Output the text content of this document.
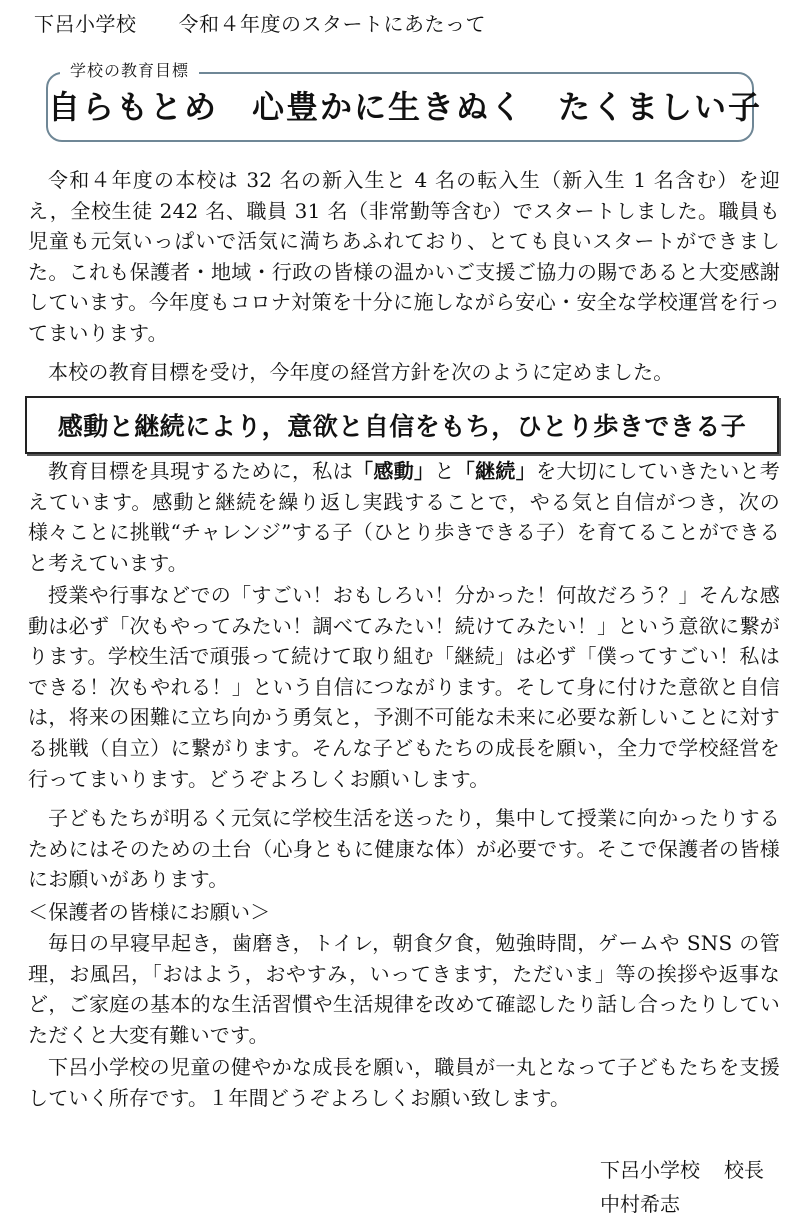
下呂小学校 令和４年度のスタートにあたって
自らもとめ　心豊かに生きぬく　たくましい子
学校の教育目標

令和４年度の本校は 32 名の新入生と 4 名の転入生（新入生 1 名含む）を迎え，全校生徒 242 名、職員 31 名（非常勤等含む）でスタートしました。職員も児童も元気いっぱいで活気に満ちあふれており、とても良いスタートができました。これも保護者・地域・行政の皆様の温かいご支援ご協力の賜であると大変感謝しています。今年度もコロナ対策を十分に施しながら安心・安全な学校運営を行ってまいります。

本校の教育目標を受け，今年度の経営方針を次のように定めました。

感動と継続により，意欲と自信をもち，ひとり歩きできる子

教育目標を具現するために，私は「感動」と「継続」を大切にしていきたいと考えています。感動と継続を繰り返し実践することで，やる気と自信がつき，次の様々ことに挑戦“チャレンジ”する子（ひとり歩きできる子）を育てることができると考えています。

授業や行事などでの「すごい！おもしろい！分かった！何故だろう？」そんな感動は必ず「次もやってみたい！調べてみたい！続けてみたい！」という意欲に繋がります。学校生活で頑張って続けて取り組む「継続」は必ず「僕ってすごい！私はできる！次もやれる！」という自信につながります。そして身に付けた意欲と自信は，将来の困難に立ち向かう勇気と，予測不可能な未来に必要な新しいことに対する挑戦（自立）に繋がります。そんな子どもたちの成長を願い，全力で学校経営を行ってまいります。どうぞよろしくお願いします。

子どもたちが明るく元気に学校生活を送ったり，集中して授業に向かったりするためにはそのための土台（心身ともに健康な体）が必要です。そこで保護者の皆様にお願いがあります。

＜保護者の皆様にお願い＞

毎日の早寝早起き，歯磨き，トイレ，朝食夕食，勉強時間，ゲームや SNS の管理，お風呂，「おはよう，おやすみ，いってきます，ただいま」等の挨拶や返事など，ご家庭の基本的な生活習慣や生活規律を改めて確認したり話し合ったりしていただくと大変有難いです。

下呂小学校の児童の健やかな成長を願い，職員が一丸となって子どもたちを支援していく所存です。１年間どうぞよろしくお願い致します。

下呂小学校 校長
中村希志
